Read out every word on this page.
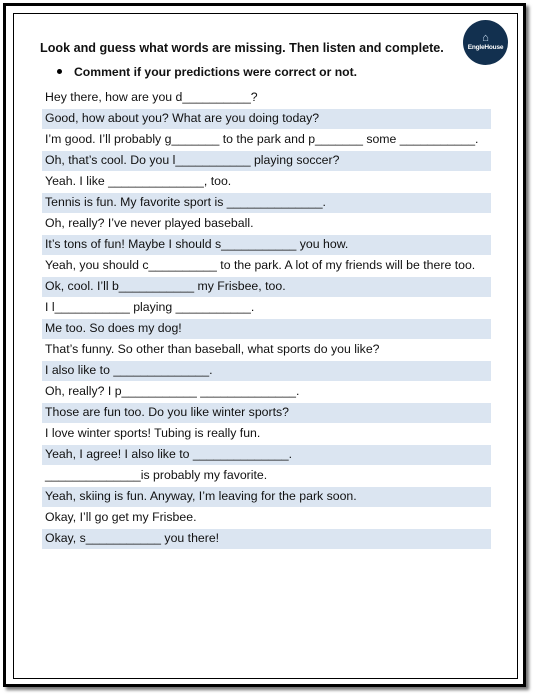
⌂
EngleHouse
Look and guess what words are missing. Then listen and complete.
Comment if your predictions were correct or not.
Hey there, how are you d__________?
Good, how about you? What are you doing today?
I’m good. I’ll probably g_______ to the park and p_______ some ___________.
Oh, that’s cool. Do you l___________ playing soccer?
Yeah. I like ______________, too.
Tennis is fun. My favorite sport is ______________.
Oh, really? I’ve never played baseball.
It’s tons of fun! Maybe I should s___________ you how.
Yeah, you should c__________ to the park. A lot of my friends will be there too.
Ok, cool. I’ll b___________ my Frisbee, too.
I l___________ playing ___________.
Me too. So does my dog!
That’s funny. So other than baseball, what sports do you like?
I also like to ______________.
Oh, really? I p___________ ______________.
Those are fun too. Do you like winter sports?
I love winter sports! Tubing is really fun.
Yeah, I agree! I also like to ______________.
______________is probably my favorite.
Yeah, skiing is fun. Anyway, I’m leaving for the park soon.
Okay, I’ll go get my Frisbee.
Okay, s___________ you there!
